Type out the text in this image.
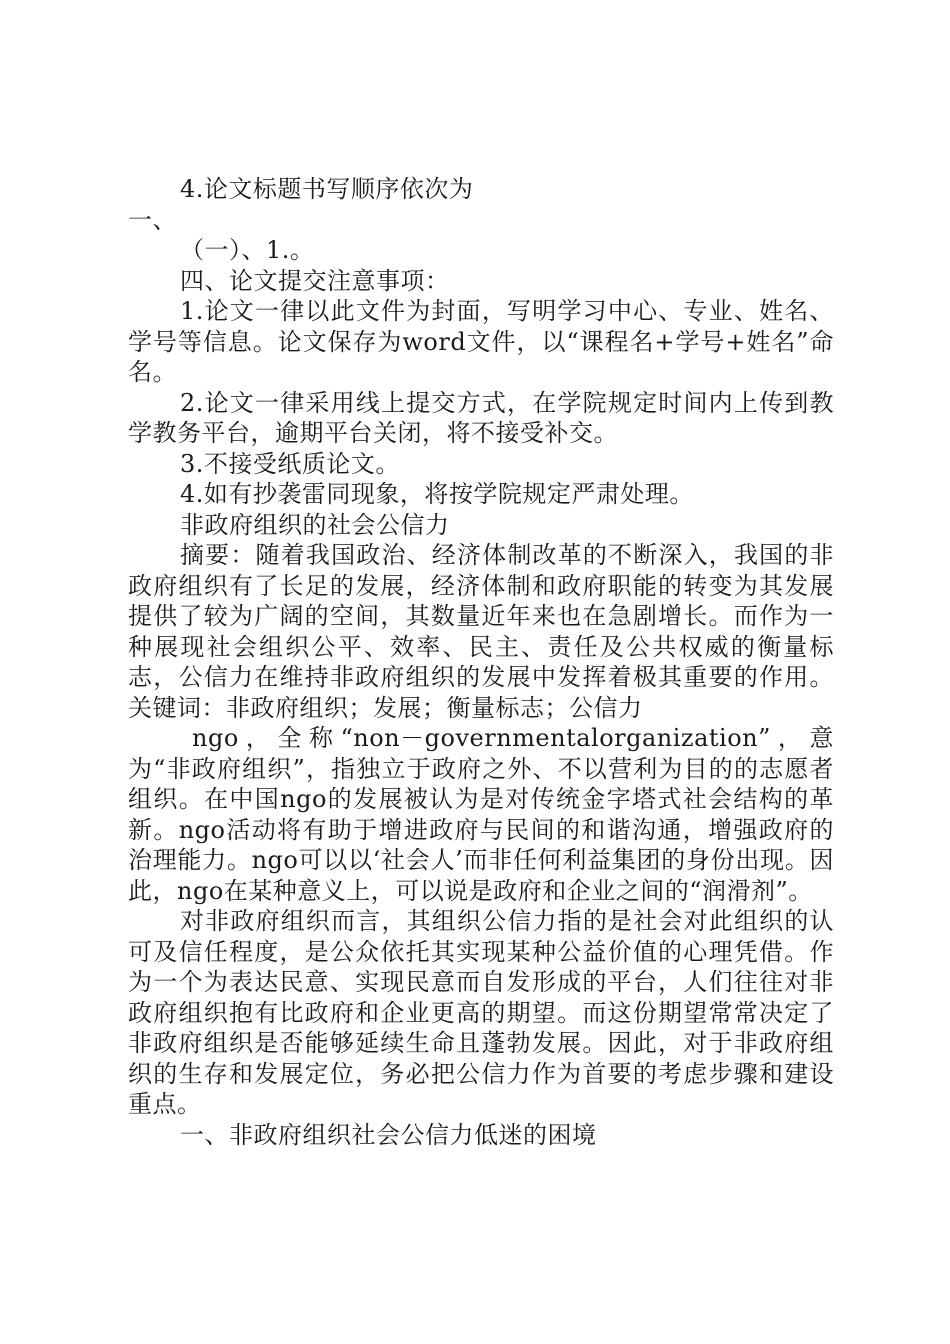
4.论文标题书写顺序依次为
一、
（一）、1.。
四、论文提交注意事项：

1.论文一律以此文件为封面，写明学习中心、专业、姓名、学号等信息。论文保存为word文件，以“课程名+学号+姓名”命名。

2.论文一律采用线上提交方式，在学院规定时间内上传到教学教务平台，逾期平台关闭，将不接受补交。

3.不接受纸质论文。
4.如有抄袭雷同现象，将按学院规定严肃处理。
非政府组织的社会公信力

摘要：随着我国政治、经济体制改革的不断深入，我国的非政府组织有了长足的发展，经济体制和政府职能的转变为其发展提供了较为广阔的空间，其数量近年来也在急剧增长。而作为一种展现社会组织公平、效率、民主、责任及公共权威的衡量标志，公信力在维持非政府组织的发展中发挥着极其重要的作用。关键词：非政府组织；发展；衡量标志；公信力

ngo，全称“non－governmentalorganization”，意为“非政府组织”，指独立于政府之外、不以营利为目的的志愿者组织。在中国ngo的发展被认为是对传统金字塔式社会结构的革新。ngo活动将有助于增进政府与民间的和谐沟通，增强政府的治理能力。ngo可以以‘社会人’而非任何利益集团的身份出现。因此，ngo在某种意义上，可以说是政府和企业之间的“润滑剂”。

对非政府组织而言，其组织公信力指的是社会对此组织的认可及信任程度，是公众依托其实现某种公益价值的心理凭借。作为一个为表达民意、实现民意而自发形成的平台，人们往往对非政府组织抱有比政府和企业更高的期望。而这份期望常常决定了非政府组织是否能够延续生命且蓬勃发展。因此，对于非政府组织的生存和发展定位，务必把公信力作为首要的考虑步骤和建设重点。

一、非政府组织社会公信力低迷的困境
